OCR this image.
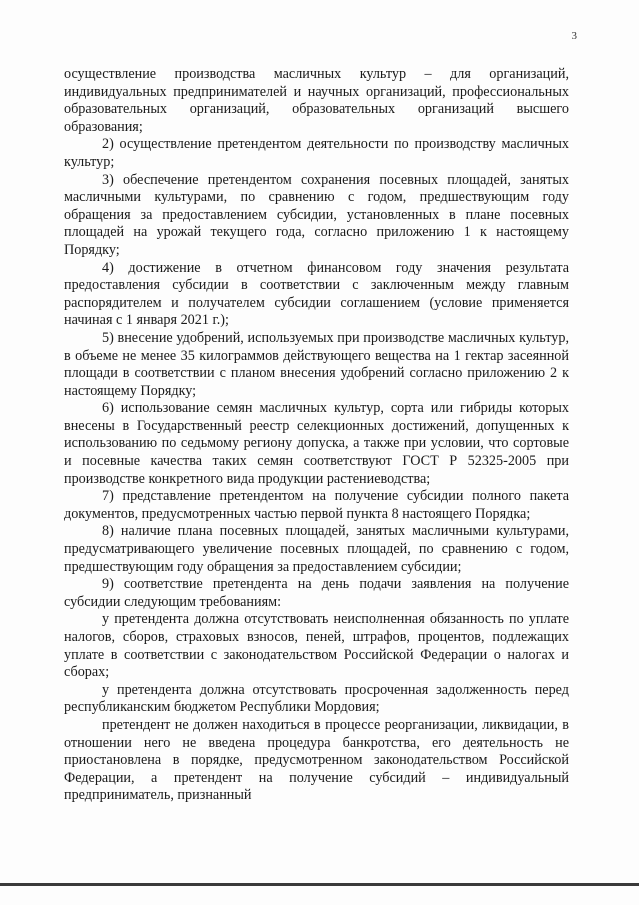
3

осуществление производства масличных культур – для организаций, индивидуальных предпринимателей и научных организаций, профессиональных образовательных организаций, образовательных организаций высшего образования;

2) осуществление претендентом деятельности по производству масличных культур;

3) обеспечение претендентом сохранения посевных площадей, занятых масличными культурами, по сравнению с годом, предшествующим году обращения за предоставлением субсидии, установленных в плане посевных площадей на урожай текущего года, согласно приложению 1 к настоящему Порядку;

4) достижение в отчетном финансовом году значения результата предоставления субсидии в соответствии с заключенным между главным распорядителем и получателем субсидии соглашением (условие применяется начиная с 1 января 2021 г.);

5) внесение удобрений, используемых при производстве масличных культур, в объеме не менее 35 килограммов действующего вещества на 1 гектар засеянной площади в соответствии с планом внесения удобрений согласно приложению 2 к настоящему Порядку;

6) использование семян масличных культур, сорта или гибриды которых внесены в Государственный реестр селекционных достижений, допущенных к использованию по седьмому региону допуска, а также при условии, что сортовые и посевные качества таких семян соответствуют ГОСТ Р 52325-2005 при производстве конкретного вида продукции растениеводства;

7) представление претендентом на получение субсидии полного пакета документов, предусмотренных частью первой пункта 8 настоящего Порядка;

8) наличие плана посевных площадей, занятых масличными культурами, предусматривающего увеличение посевных площадей, по сравнению с годом, предшествующим году обращения за предоставлением субсидии;

9) соответствие претендента на день подачи заявления на получение субсидии следующим требованиям:

у претендента должна отсутствовать неисполненная обязанность по уплате налогов, сборов, страховых взносов, пеней, штрафов, процентов, подлежащих уплате в соответствии с законодательством Российской Федерации о налогах и сборах;

у претендента должна отсутствовать просроченная задолженность перед республиканским бюджетом Республики Мордовия;

претендент не должен находиться в процессе реорганизации, ликвидации, в отношении него не введена процедура банкротства, его деятельность не приостановлена в порядке, предусмотренном законодательством Российской Федерации, а претендент на получение субсидий – индивидуальный предприниматель, признанный
